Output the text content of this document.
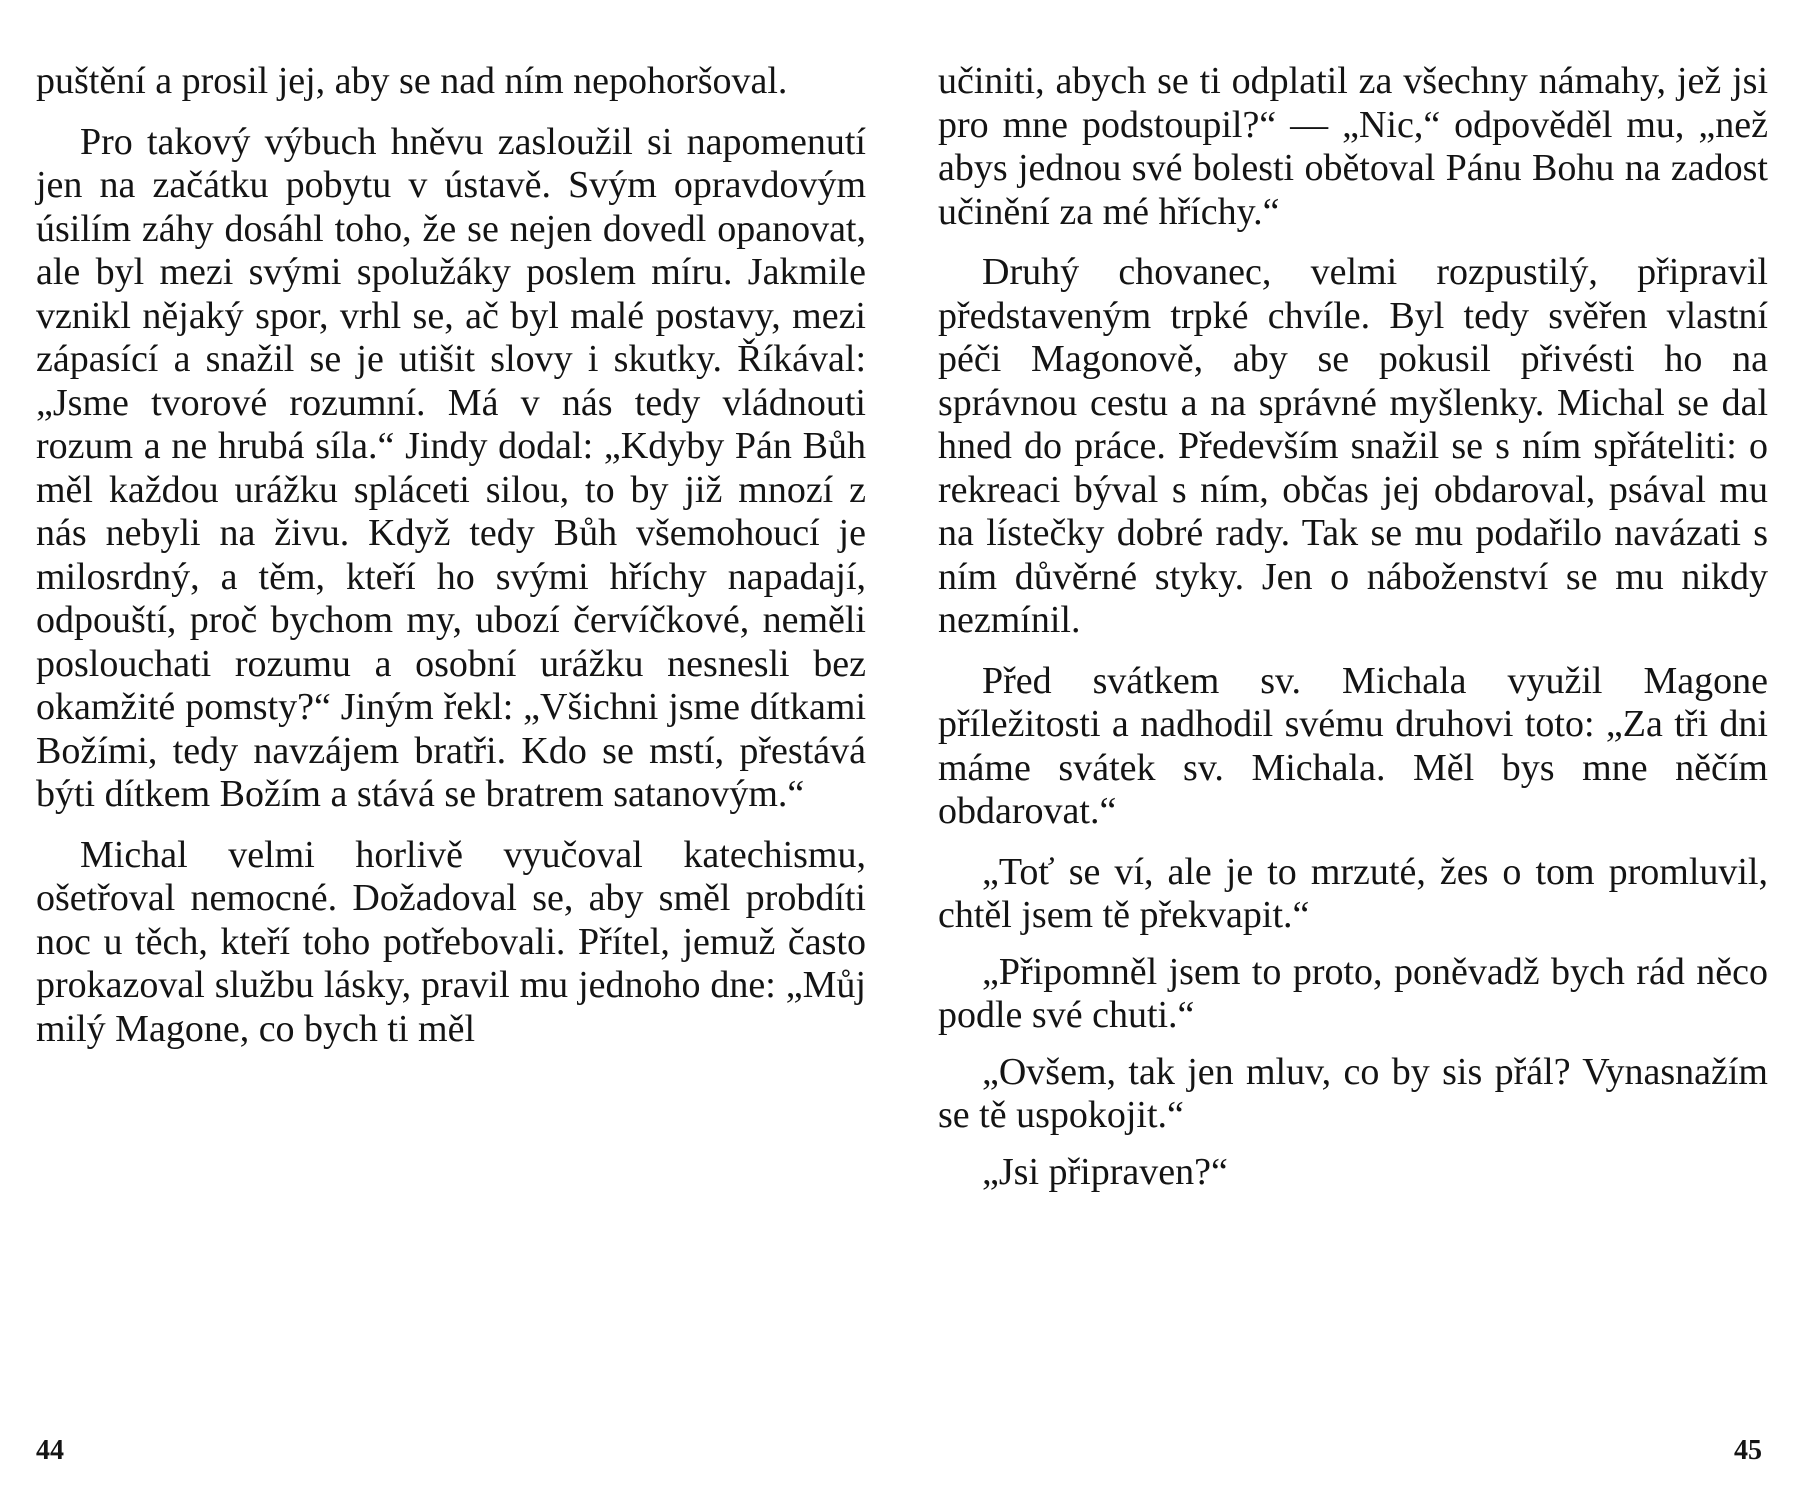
puštění a prosil jej, aby se nad ním nepohoršoval.

Pro takový výbuch hněvu zasloužil si napomenutí jen na začátku pobytu v ústavě. Svým opravdovým úsilím záhy dosáhl toho, že se nejen dovedl opanovat, ale byl mezi svými spolužáky poslem míru. Jakmile vznikl nějaký spor, vrhl se, ač byl malé postavy, mezi zápasící a snažil se je utišit slovy i skutky. Říkával: „Jsme tvorové rozumní. Má v nás tedy vládnouti rozum a ne hrubá síla.“ Jindy dodal: „Kdyby Pán Bůh měl každou urážku spláceti silou, to by již mnozí z nás nebyli na živu. Když tedy Bůh všemohoucí je milosrdný, a těm, kteří ho svými hříchy napadají, odpouští, proč bychom my, ubozí červíčkové, neměli poslouchati rozumu a osobní urážku nesnesli bez okamžité pomsty?“ Jiným řekl: „Všichni jsme dítkami Božími, tedy navzájem bratři. Kdo se mstí, přestává býti dítkem Božím a stává se bratrem satanovým.“

Michal velmi horlivě vyučoval katechismu, ošetřoval nemocné. Dožadoval se, aby směl probdíti noc u těch, kteří toho potřebovali. Přítel, jemuž často prokazoval službu lásky, pravil mu jednoho dne: „Můj milý Magone, co bych ti měl

44

učiniti, abych se ti odplatil za všechny námahy, jež jsi pro mne podstoupil?“ — „Nic,“ odpověděl mu, „než abys jednou své bolesti obětoval Pánu Bohu na zadost učinění za mé hříchy.“

Druhý chovanec, velmi rozpustilý, připravil představeným trpké chvíle. Byl tedy svěřen vlastní péči Magonově, aby se pokusil přivésti ho na správnou cestu a na správné myšlenky. Michal se dal hned do práce. Především snažil se s ním spřáteliti: o rekreaci býval s ním, občas jej obdaroval, psával mu na lístečky dobré rady. Tak se mu podařilo navázati s ním důvěrné styky. Jen o náboženství se mu nikdy nezmínil.

Před svátkem sv. Michala využil Magone příležitosti a nadhodil svému druhovi toto: „Za tři dni máme svátek sv. Michala. Měl bys mne něčím obdarovat.“

„Toť se ví, ale je to mrzuté, žes o tom promluvil, chtěl jsem tě překvapit.“

„Připomněl jsem to proto, poněvadž bych rád něco podle své chuti.“

„Ovšem, tak jen mluv, co by sis přál? Vynasnažím se tě uspokojit.“

„Jsi připraven?“

45
